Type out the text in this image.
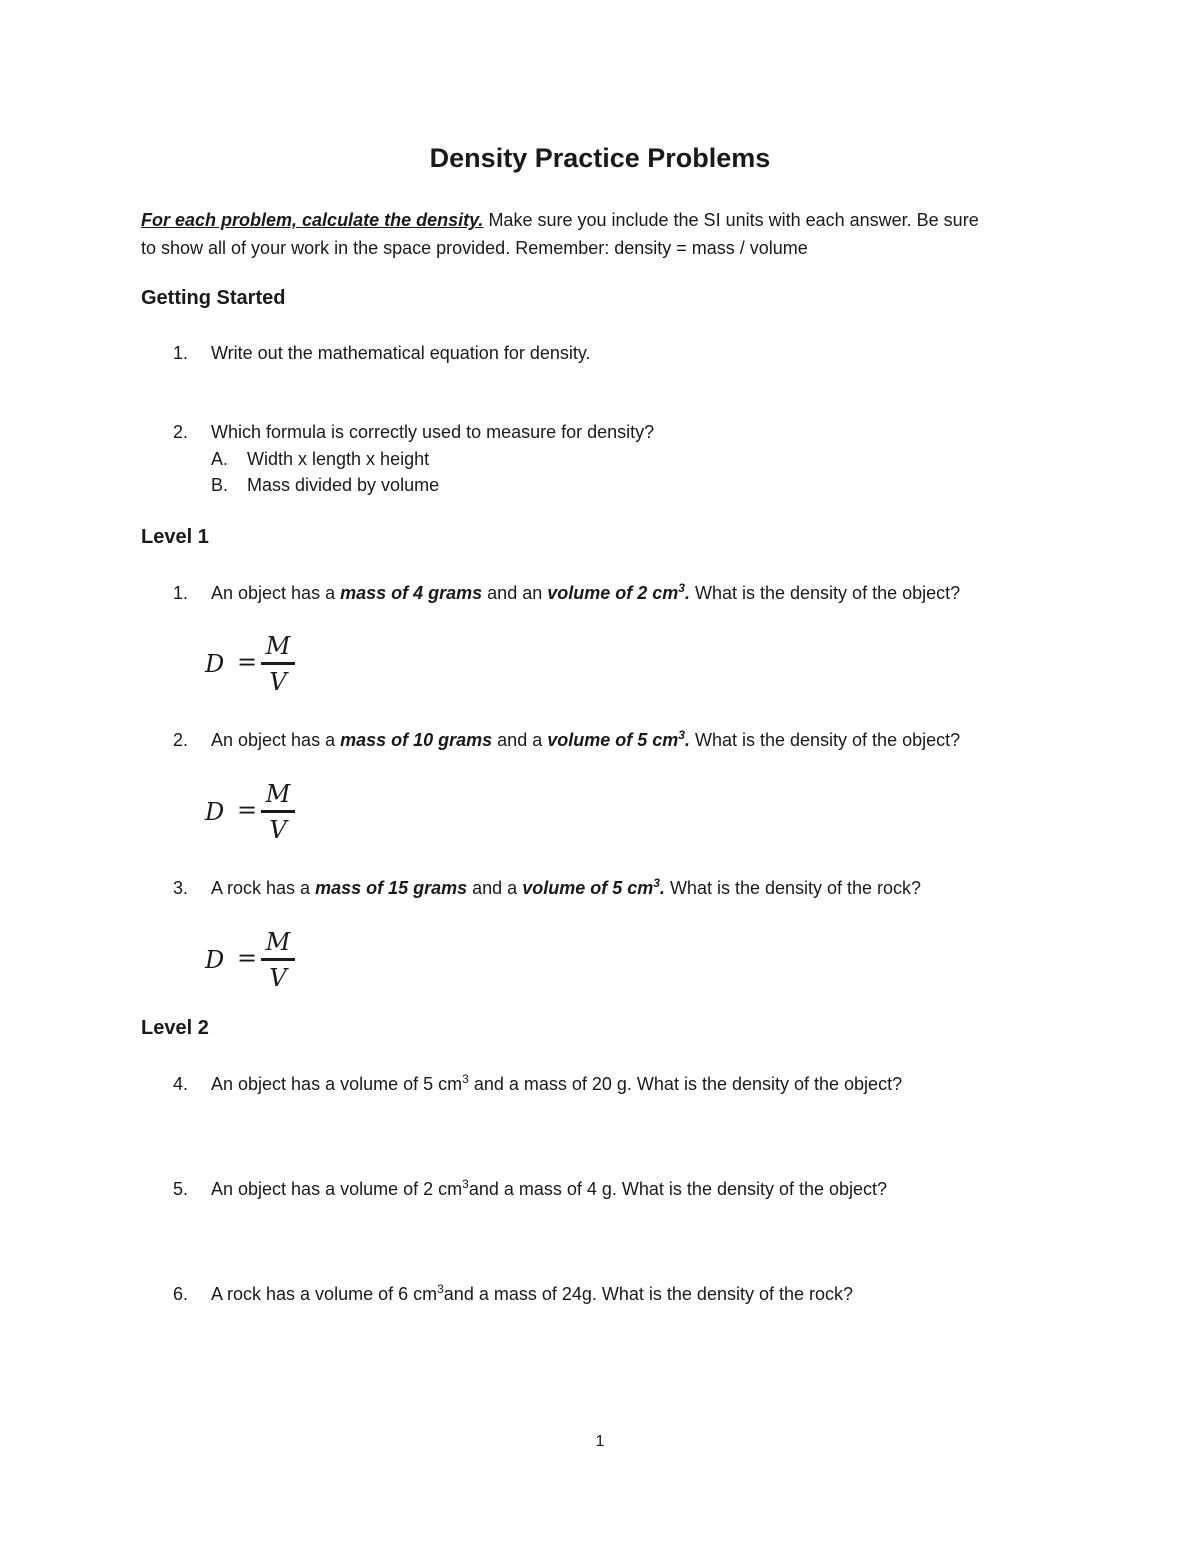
Density Practice Problems
For each problem, calculate the density. Make sure you include the SI units with each answer. Be sure
to show all of your work in the space provided. Remember: density = mass / volume
Getting Started
1. Write out the mathematical equation for density.
2. Which formula is correctly used to measure for density?
A. Width x length x height
B. Mass divided by volume
Level 1
1. An object has a mass of 4 grams and an volume of 2 $cm^3$. What is the density of the object?
D =
M
V
2. An object has a mass of 10 grams and a volume of 5 $cm^3$. What is the density of the object?
D =
M
V
3. A rock has a mass of 15 grams and a volume of 5 $cm^3$. What is the density of the rock?
D =
M
V
Level 2
4. An object has a volume of 5 $cm^3$ and a mass of 20 g. What is the density of the object?
5. An object has a volume of 2 $cm^3and$ a mass of 4 g. What is the density of the object?
6. A rock has a volume of 6 $cm^3and$ a mass of 24g. What is the density of the rock?
1
